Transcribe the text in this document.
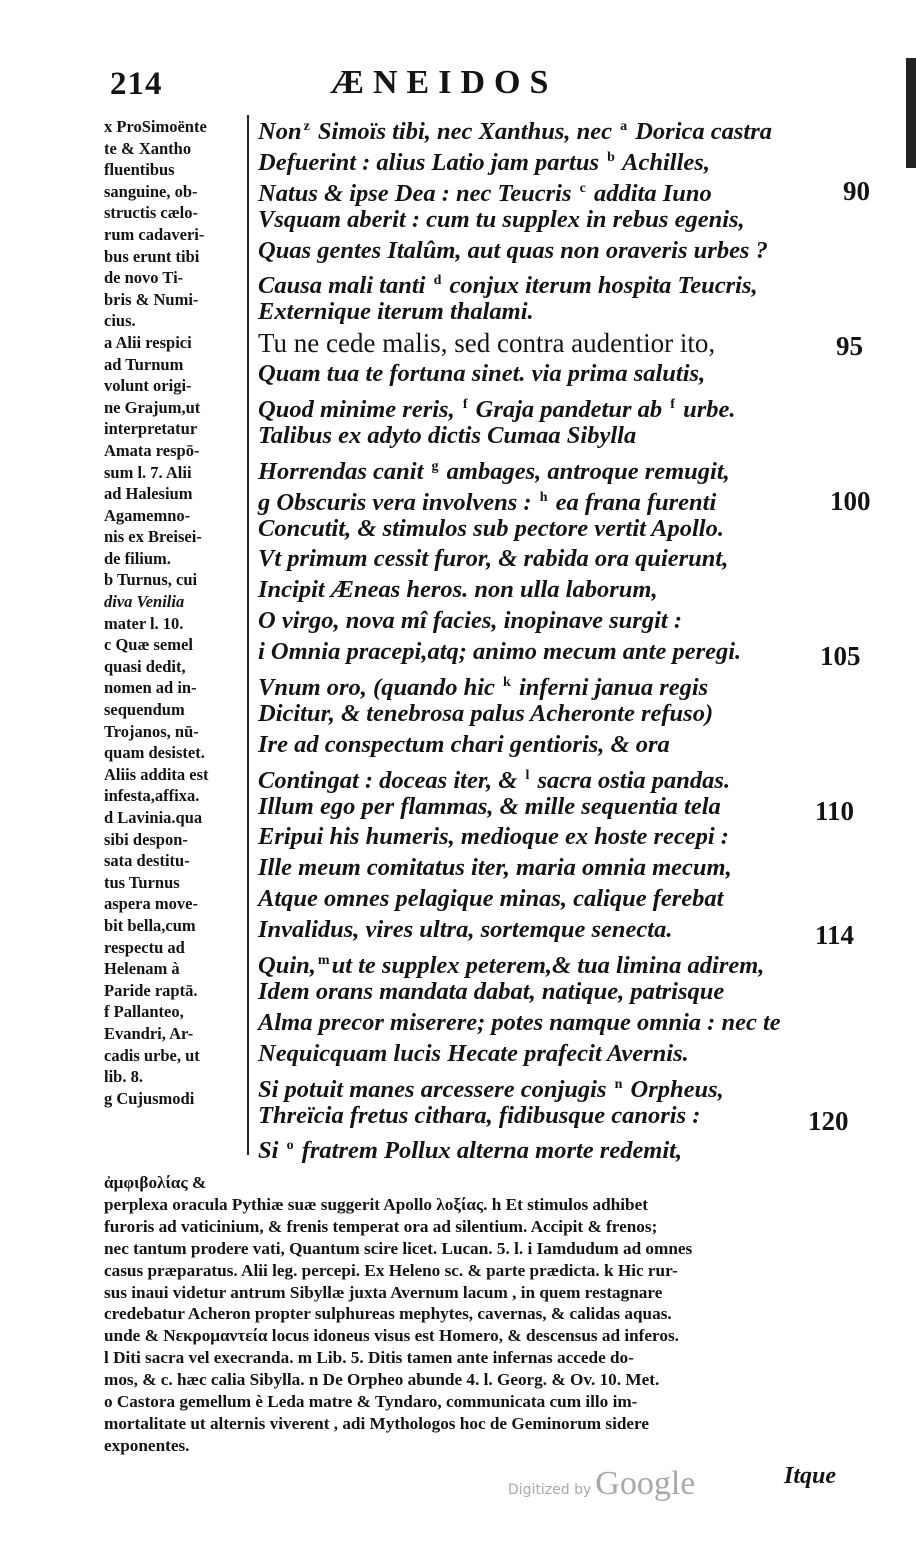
214	ÆNEIDOS
x ProSimoënte
te & Xantho
fluentibus
sanguine, ob-
structis cælo-
rum cadaveri-
bus erunt tibi
de novo Ti-
bris & Numi-
cius.
a Alii respici
ad Turnum
volunt origi-
ne Grajum,ut
interpretatur
Amata respō-
sum l. 7. Alii
ad Halesium
Agamemno-
nis ex Breisei-
de filium.
b Turnus, cui
diva Venilia
mater l. 10.
c Quæ semel
quasi dedit,
nomen ad in-
sequendum
Trojanos, nū-
quam desistet.
Aliis addita est
infesta,affixa.
d Lavinia.qua
sibi despon-
sata destitu-
tus Turnus
aspera move-
bit bella,cum
respectu ad
Helenam à
Paride raptā.
f Pallanteo,
Evandri, Ar-
cadis urbe, ut
lib. 8.
g Cujusmodi
Non $^z$ Simoïs tibi, nec Xanthus, nec $^a$ Dorica castra
Defuerint : alius Latio jam partus $^b$ Achilles,
Natus & ipse Dea : nec Teucris $^c$ addita Iuno
Vsquam aberit : cum tu supplex in rebus egenis,
Quas gentes Italûm, aut quas non oraveris urbes ?
Causa mali tanti $^d$ conjux iterum hospita Teucris,
Externique iterum thalami.
Tu ne cede malis, sed contra audentior ito,
Quam tua te fortuna sinet. via prima salutis,
Quod minime reris, $^f$ Graja pandetur ab $^f$ urbe.
Talibus ex adyto dictis Cumaa Sibylla
Horrendas canit $^g$ ambages, antroque remugit,
g Obscuris vera involvens : $^h$ ea frana furenti
Concutit, & stimulos sub pectore vertit Apollo.
Vt primum cessit furor, & rabida ora quierunt,
Incipit Æneas heros. non ulla laborum,
O virgo, nova mî facies, inopinave surgit :
i Omnia pracepi,atq; animo mecum ante peregi.
Vnum oro, (quando hic $^k$ inferni janua regis
Dicitur, & tenebrosa palus Acheronte refuso)
Ire ad conspectum chari gentioris, & ora
Contingat : doceas iter, & $^l$ sacra ostia pandas.
Illum ego per flammas, & mille sequentia tela
Eripui his humeris, medioque ex hoste recepi :
Ille meum comitatus iter, maria omnia mecum,
Atque omnes pelagique minas, calique ferebat
Invalidus, vires ultra, sortemque senecta.
Quin, $^m$ut te supplex peterem,& tua limina adirem,
Idem orans mandata dabat, natique, patrisque
Alma precor miserere; potes namque omnia : nec te
Nequicquam lucis Hecate prafecit Avernis.
Si potuit manes arcessere conjugis $^n$ Orpheus,
Threïcia fretus cithara, fidibusque canoris :
Si $^o$ fratrem Pollux alterna morte redemit,
90
95
100
105
110
114
120
ἀμφιβολίας &
perplexa oracula Pythiæ suæ suggerit Apollo λοξίας. h Et stimulos adhibet
furoris ad vaticinium, & frenis temperat ora ad silentium. Accipit & frenos;
nec tantum prodere vati, Quantum scire licet. Lucan. 5. l. i Iamdudum ad omnes
casus præparatus. Alii leg. percepi. Ex Heleno sc. & parte prædicta. k Hic rur-
sus inaui videtur antrum Sibyllæ juxta Avernum lacum , in quem restagnare
credebatur Acheron propter sulphureas mephytes, cavernas, & calidas aquas.
unde & Νεκρομαντεία locus idoneus visus est Homero, & descensus ad inferos.
l Diti sacra vel execranda. m Lib. 5. Ditis tamen ante infernas accede do-
mos, & c. hæc calia Sibylla. n De Orpheo abunde 4. l. Georg. & Ov. 10. Met.
o Castora gemellum è Leda matre & Tyndaro, communicata cum illo im-
mortalitate ut alternis viverent , adi Mythologos hoc de Geminorum sidere
exponentes.
Itque
Digitized by Google
